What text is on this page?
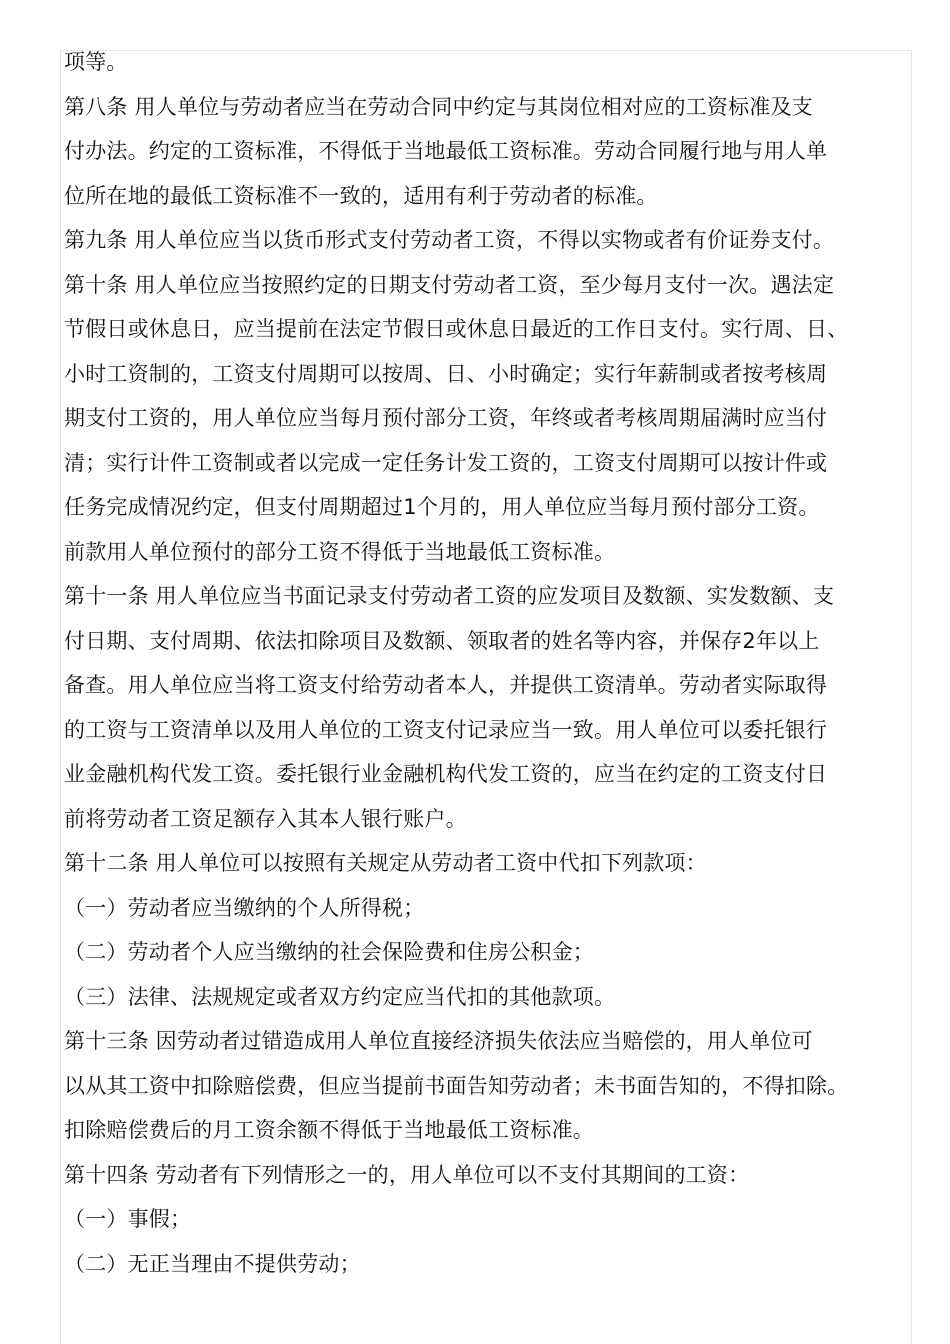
项等。
第八条 用人单位与劳动者应当在劳动合同中约定与其岗位相对应的工资标准及支
付办法。约定的工资标准，不得低于当地最低工资标准。劳动合同履行地与用人单
位所在地的最低工资标准不一致的，适用有利于劳动者的标准。
第九条 用人单位应当以货币形式支付劳动者工资，不得以实物或者有价证券支付。
第十条 用人单位应当按照约定的日期支付劳动者工资，至少每月支付一次。遇法定
节假日或休息日，应当提前在法定节假日或休息日最近的工作日支付。实行周、日、
小时工资制的，工资支付周期可以按周、日、小时确定；实行年薪制或者按考核周
期支付工资的，用人单位应当每月预付部分工资，年终或者考核周期届满时应当付
清；实行计件工资制或者以完成一定任务计发工资的，工资支付周期可以按计件或
任务完成情况约定，但支付周期超过1个月的，用人单位应当每月预付部分工资。
前款用人单位预付的部分工资不得低于当地最低工资标准。
第十一条 用人单位应当书面记录支付劳动者工资的应发项目及数额、实发数额、支
付日期、支付周期、依法扣除项目及数额、领取者的姓名等内容，并保存2年以上
备查。用人单位应当将工资支付给劳动者本人，并提供工资清单。劳动者实际取得
的工资与工资清单以及用人单位的工资支付记录应当一致。用人单位可以委托银行
业金融机构代发工资。委托银行业金融机构代发工资的，应当在约定的工资支付日
前将劳动者工资足额存入其本人银行账户。
第十二条 用人单位可以按照有关规定从劳动者工资中代扣下列款项：
（一）劳动者应当缴纳的个人所得税；
（二）劳动者个人应当缴纳的社会保险费和住房公积金；
（三）法律、法规规定或者双方约定应当代扣的其他款项。
第十三条 因劳动者过错造成用人单位直接经济损失依法应当赔偿的，用人单位可
以从其工资中扣除赔偿费，但应当提前书面告知劳动者；未书面告知的，不得扣除。
扣除赔偿费后的月工资余额不得低于当地最低工资标准。
第十四条 劳动者有下列情形之一的，用人单位可以不支付其期间的工资：
（一）事假；
（二）无正当理由不提供劳动；
